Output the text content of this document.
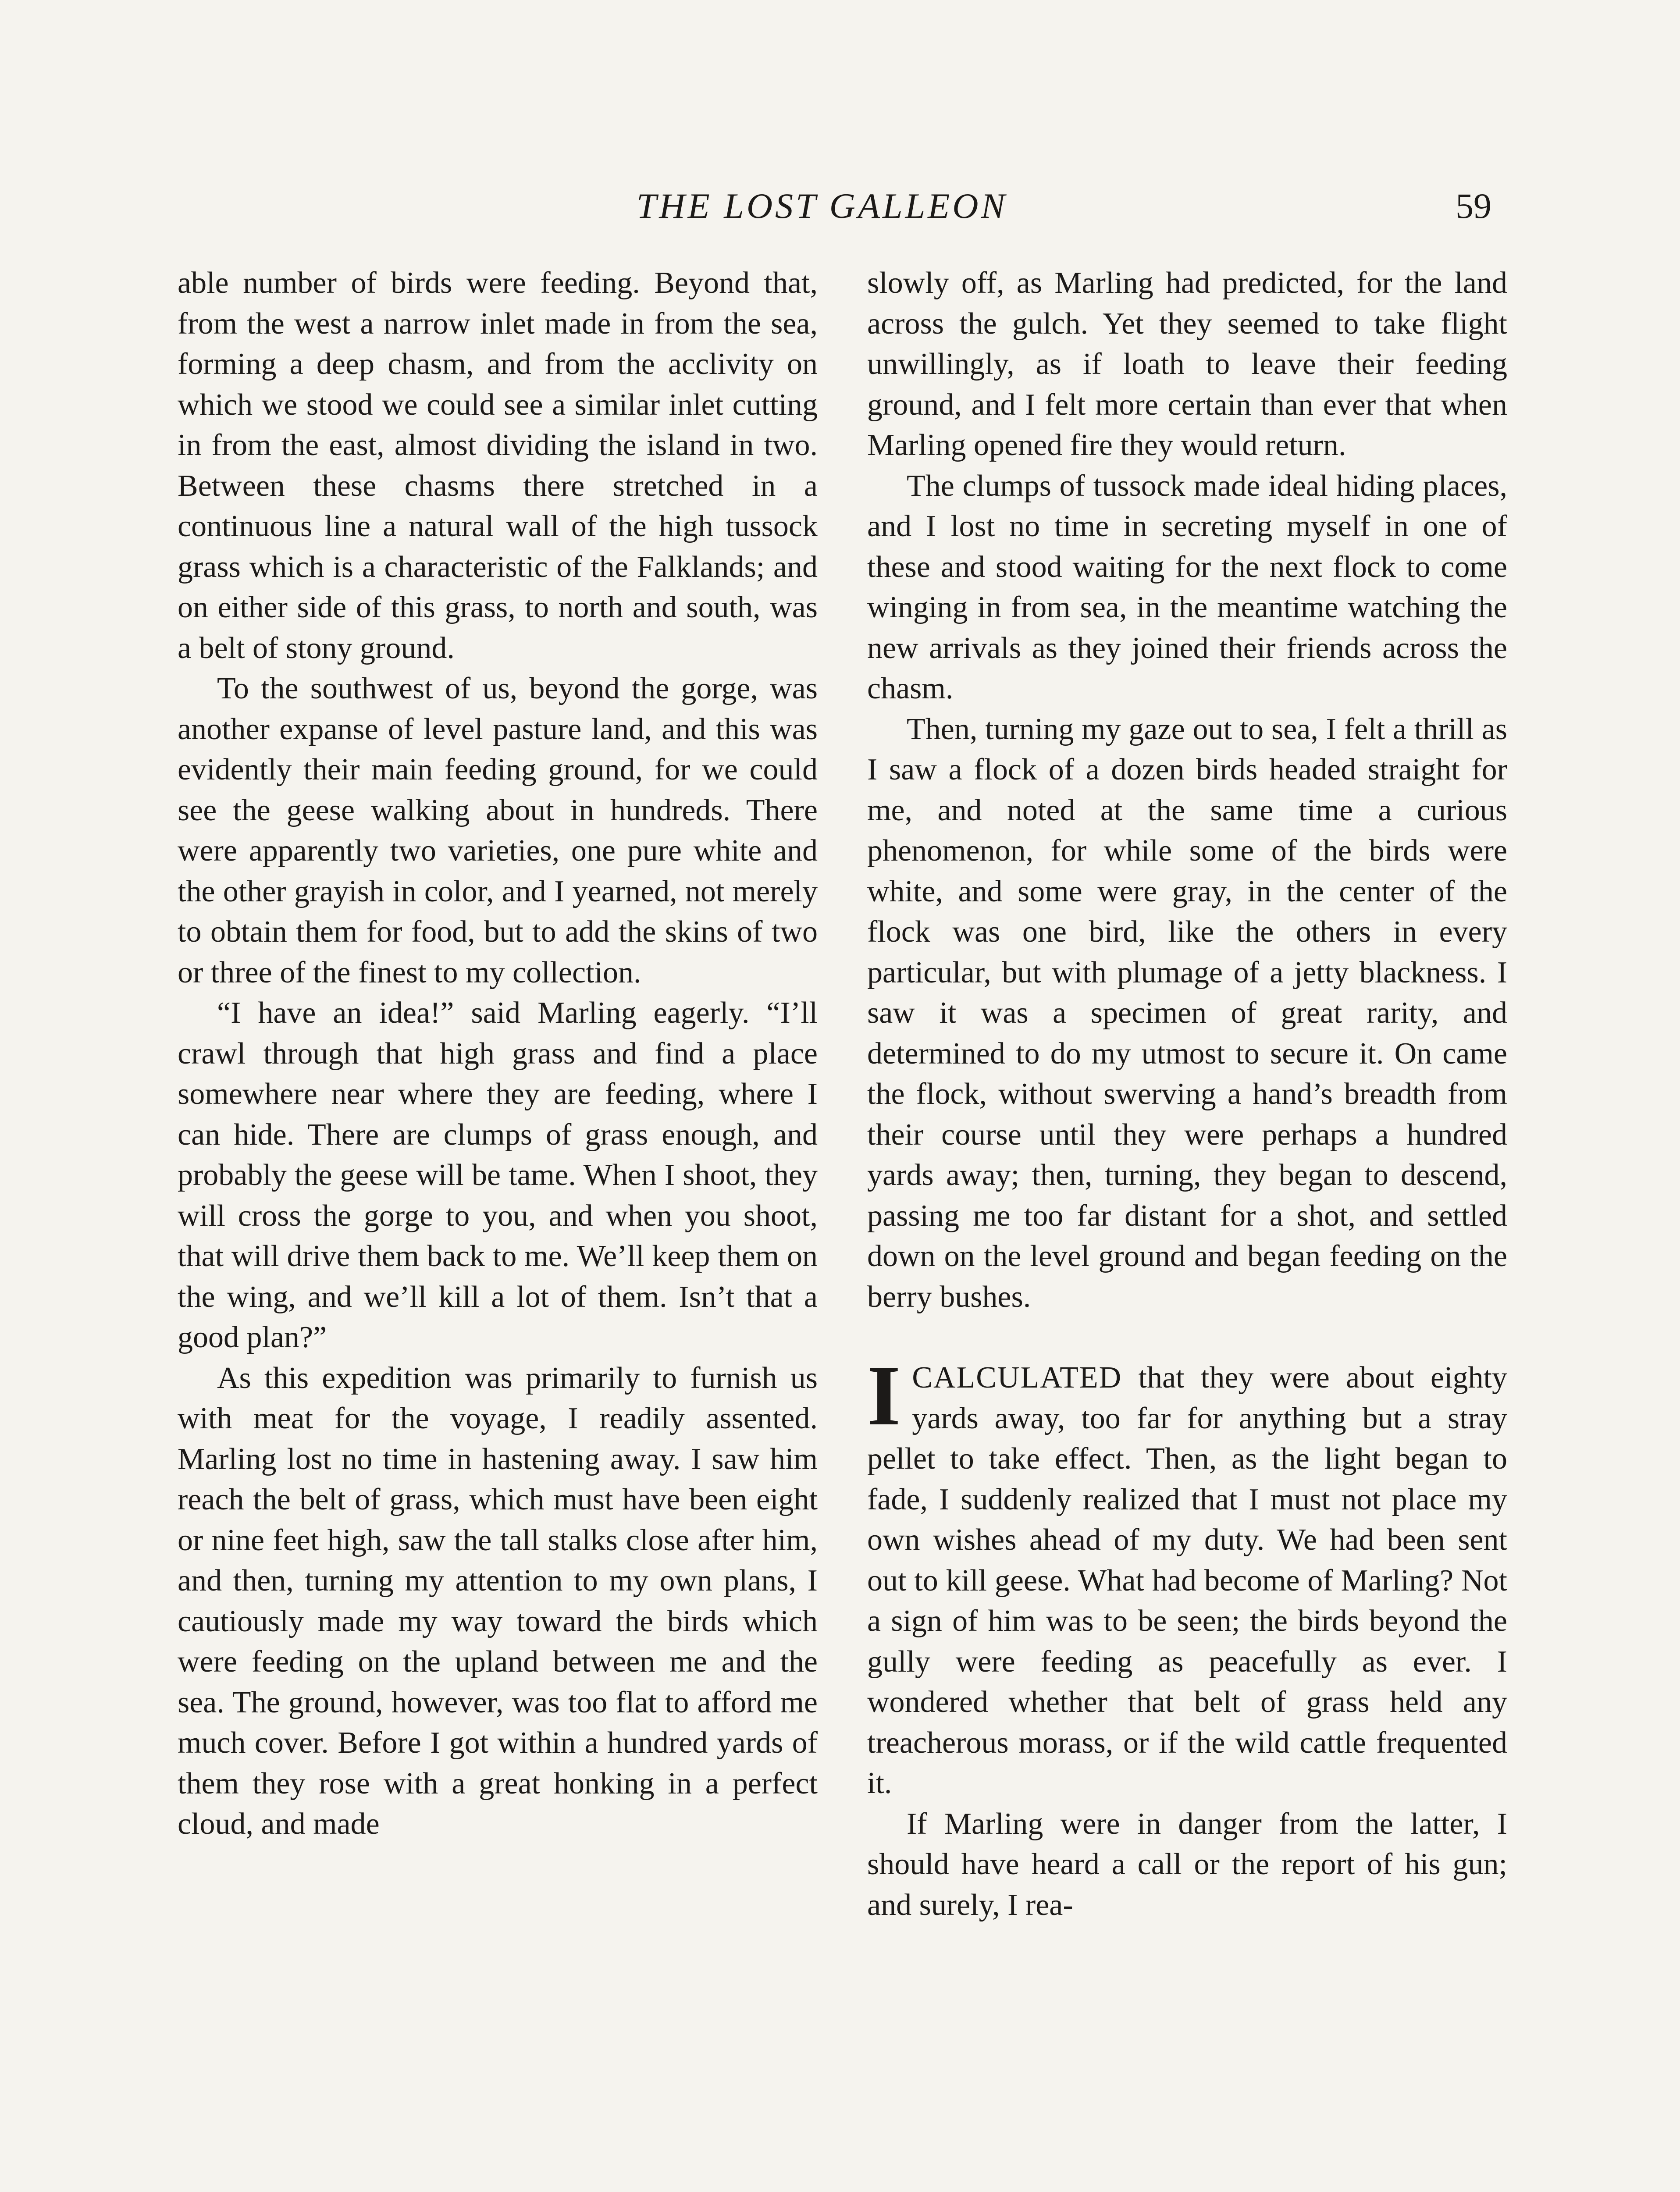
THE LOST GALLEON	59

able number of birds were feeding. Beyond that, from the west a narrow inlet made in from the sea, forming a deep chasm, and from the acclivity on which we stood we could see a similar inlet cutting in from the east, almost dividing the island in two. Between these chasms there stretched in a continuous line a natural wall of the high tussock grass which is a characteristic of the Falklands; and on either side of this grass, to north and south, was a belt of stony ground.

To the southwest of us, beyond the gorge, was another expanse of level pasture land, and this was evidently their main feeding ground, for we could see the geese walking about in hundreds. There were apparently two varieties, one pure white and the other grayish in color, and I yearned, not merely to obtain them for food, but to add the skins of two or three of the finest to my collection.

“I have an idea!” said Marling eagerly. “I’ll crawl through that high grass and find a place somewhere near where they are feeding, where I can hide. There are clumps of grass enough, and probably the geese will be tame. When I shoot, they will cross the gorge to you, and when you shoot, that will drive them back to me. We’ll keep them on the wing, and we’ll kill a lot of them. Isn’t that a good plan?”

As this expedition was primarily to furnish us with meat for the voyage, I readily assented. Marling lost no time in hastening away. I saw him reach the belt of grass, which must have been eight or nine feet high, saw the tall stalks close after him, and then, turning my attention to my own plans, I cautiously made my way toward the birds which were feeding on the upland between me and the sea. The ground, however, was too flat to afford me much cover. Before I got within a hundred yards of them they rose with a great honking in a perfect cloud, and made

slowly off, as Marling had predicted, for the land across the gulch. Yet they seemed to take flight unwillingly, as if loath to leave their feeding ground, and I felt more certain than ever that when Marling opened fire they would return.

The clumps of tussock made ideal hiding places, and I lost no time in secreting myself in one of these and stood waiting for the next flock to come winging in from sea, in the meantime watching the new arrivals as they joined their friends across the chasm.

Then, turning my gaze out to sea, I felt a thrill as I saw a flock of a dozen birds headed straight for me, and noted at the same time a curious phenomenon, for while some of the birds were white, and some were gray, in the center of the flock was one bird, like the others in every particular, but with plumage of a jetty blackness. I saw it was a specimen of great rarity, and determined to do my utmost to secure it. On came the flock, without swerving a hand’s breadth from their course until they were perhaps a hundred yards away; then, turning, they began to descend, passing me too far distant for a shot, and settled down on the level ground and began feeding on the berry bushes.

ICALCULATED that they were about eighty yards away, too far for anything but a stray pellet to take effect. Then, as the light began to fade, I suddenly realized that I must not place my own wishes ahead of my duty. We had been sent out to kill geese. What had become of Marling? Not a sign of him was to be seen; the birds beyond the gully were feeding as peacefully as ever. I wondered whether that belt of grass held any treacherous morass, or if the wild cattle frequented it.

If Marling were in danger from the latter, I should have heard a call or the report of his gun; and surely, I rea-
